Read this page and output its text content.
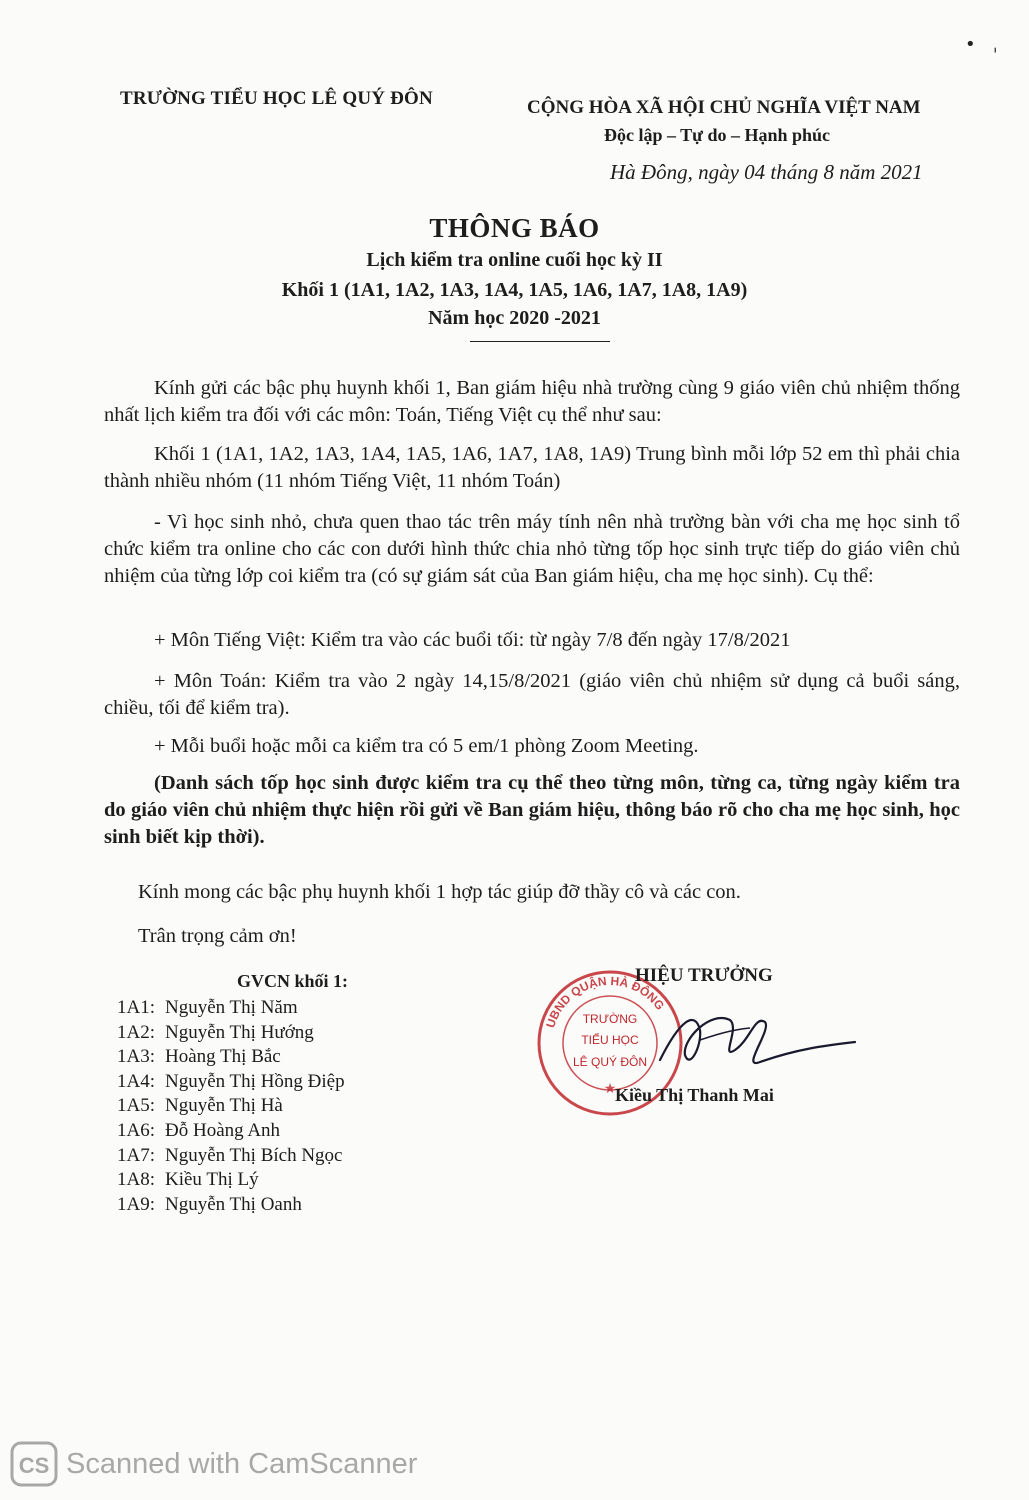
•   ˌ
TRƯỜNG TIỂU HỌC LÊ QUÝ ĐÔN	CỘNG HÒA XÃ HỘI CHỦ NGHĨA VIỆT NAM
Độc lập – Tự do – Hạnh phúc
Hà Đông, ngày 04 tháng 8 năm 2021
THÔNG BÁO
Lịch kiểm tra online cuối học kỳ II
Khối 1 (1A1, 1A2, 1A3, 1A4, 1A5, 1A6, 1A7, 1A8, 1A9)
Năm học 2020 -2021
Kính gửi các bậc phụ huynh khối 1, Ban giám hiệu nhà trường cùng 9 giáo viên chủ nhiệm thống nhất lịch kiểm tra đối với các môn: Toán, Tiếng Việt cụ thể như sau:
Khối 1 (1A1, 1A2, 1A3, 1A4, 1A5, 1A6, 1A7, 1A8, 1A9) Trung bình mỗi lớp 52 em thì phải chia thành nhiều nhóm (11 nhóm Tiếng Việt, 11 nhóm Toán)
- Vì học sinh nhỏ, chưa quen thao tác trên máy tính nên nhà trường bàn với cha mẹ học sinh tổ chức kiểm tra online cho các con dưới hình thức chia nhỏ từng tốp học sinh trực tiếp do giáo viên chủ nhiệm của từng lớp coi kiểm tra (có sự giám sát của Ban giám hiệu, cha mẹ học sinh). Cụ thể:
+ Môn Tiếng Việt: Kiểm tra vào các buổi tối: từ ngày 7/8 đến ngày 17/8/2021
+ Môn Toán: Kiểm tra vào 2 ngày 14,15/8/2021 (giáo viên chủ nhiệm sử dụng cả buổi sáng, chiều, tối để kiểm tra).
+ Mỗi buổi hoặc mỗi ca kiểm tra có 5 em/1 phòng Zoom Meeting.
(Danh sách tốp học sinh được kiểm tra cụ thể theo từng môn, từng ca, từng ngày kiểm tra do giáo viên chủ nhiệm thực hiện rồi gửi về Ban giám hiệu, thông báo rõ cho cha mẹ học sinh, học sinh biết kịp thời).
Kính mong các bậc phụ huynh khối 1 hợp tác giúp đỡ thầy cô và các con.
Trân trọng cảm ơn!
GVCN khối 1:
1A1: Nguyễn Thị Năm
1A2: Nguyễn Thị Hướng
1A3: Hoàng Thị Bắc
1A4: Nguyễn Thị Hồng Điệp
1A5: Nguyễn Thị Hà
1A6: Đỗ Hoàng Anh
1A7: Nguyễn Thị Bích Ngọc
1A8: Kiều Thị Lý
1A9: Nguyễn Thị Oanh
UBND QUẬN HÀ ĐÔNG
TRƯỜNG
TIỂU HỌC
LÊ QUÝ ĐÔN
★
HIỆU TRƯỞNG
Kiều Thị Thanh Mai
CS Scanned with CamScanner
